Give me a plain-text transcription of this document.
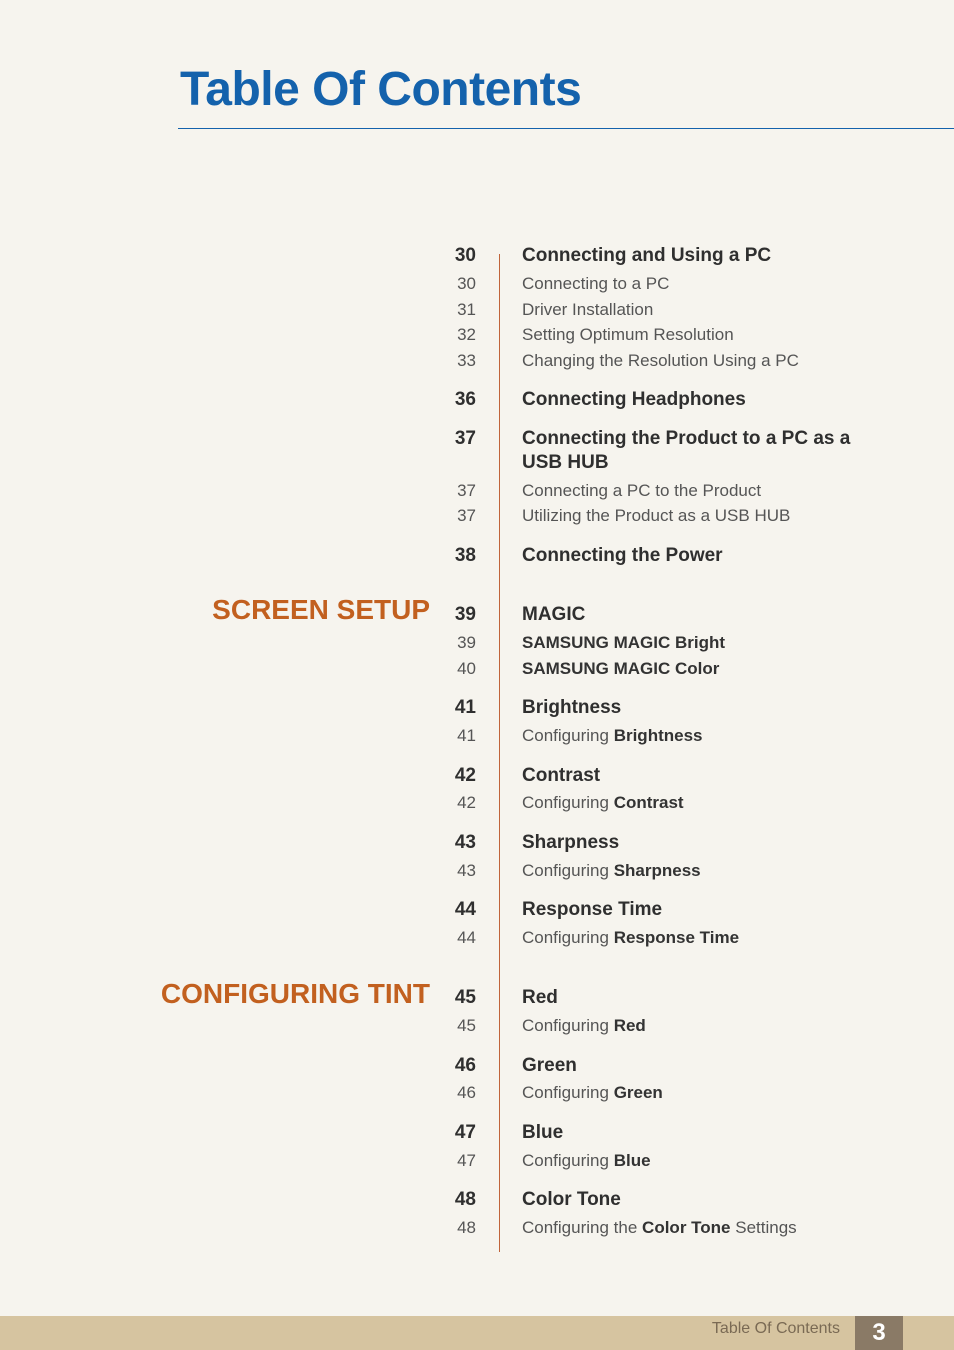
Table Of Contents
SCREEN SETUP
CONFIGURING TINT
30 Connecting and Using a PC
30	Connecting to a PC
31	Driver Installation
32	Setting Optimum Resolution
33	Changing the Resolution Using a PC
36 Connecting Headphones
37 Connecting the Product to a PC as a USB HUB
37	Connecting a PC to the Product
37	Utilizing the Product as a USB HUB
38 Connecting the Power
39 MAGIC
39	SAMSUNG MAGIC Bright
40	SAMSUNG MAGIC Color
41 Brightness
41	Configuring Brightness
42 Contrast
42	Configuring Contrast
43 Sharpness
43	Configuring Sharpness
44 Response Time
44	Configuring Response Time
45 Red
45	Configuring Red
46 Green
46	Configuring Green
47 Blue
47	Configuring Blue
48 Color Tone
48	Configuring the Color Tone Settings
Table Of Contents	3
